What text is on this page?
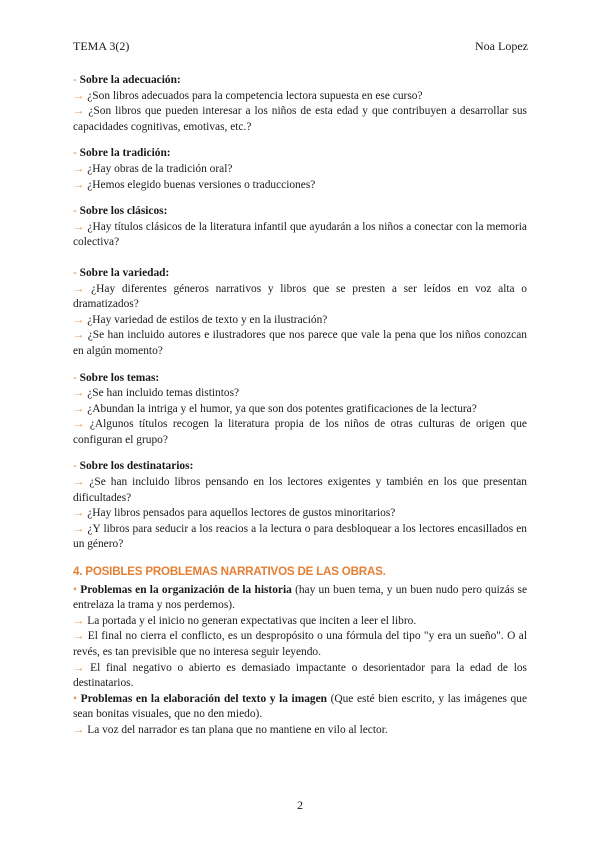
TEMA 3(2)	Noa Lopez
- Sobre la adecuación:
→ ¿Son libros adecuados para la competencia lectora supuesta en ese curso?
→ ¿Son libros que pueden interesar a los niños de esta edad y que contribuyen a desarrollar sus capacidades cognitivas, emotivas, etc.?
- Sobre la tradición:
→ ¿Hay obras de la tradición oral?
→ ¿Hemos elegido buenas versiones o traducciones?
- Sobre los clásicos:
→ ¿Hay títulos clásicos de la literatura infantil que ayudarán a los niños a conectar con la memoria colectiva?
- Sobre la variedad:
→ ¿Hay diferentes géneros narrativos y libros que se presten a ser leídos en voz alta o dramatizados?
→ ¿Hay variedad de estilos de texto y en la ilustración?
→ ¿Se han incluido autores e ilustradores que nos parece que vale la pena que los niños conozcan en algún momento?
- Sobre los temas:
→ ¿Se han incluido temas distintos?
→ ¿Abundan la intriga y el humor, ya que son dos potentes gratificaciones de la lectura?
→ ¿Algunos títulos recogen la literatura propia de los niños de otras culturas de origen que configuran el grupo?
- Sobre los destinatarios:
→ ¿Se han incluido libros pensando en los lectores exigentes y también en los que presentan dificultades?
→ ¿Hay libros pensados para aquellos lectores de gustos minoritarios?
→ ¿Y libros para seducir a los reacios a la lectura o para desbloquear a los lectores encasillados en un género?
4. POSIBLES PROBLEMAS NARRATIVOS DE LAS OBRAS.
• Problemas en la organización de la historia (hay un buen tema, y un buen nudo pero quizás se entrelaza la trama y nos perdemos).
→ La portada y el inicio no generan expectativas que inciten a leer el libro.
→ El final no cierra el conflicto, es un despropósito o una fórmula del tipo "y era un sueño". O al revés, es tan previsible que no interesa seguir leyendo.
→ El final negativo o abierto es demasiado impactante o desorientador para la edad de los destinatarios.
• Problemas en la elaboración del texto y la imagen (Que esté bien escrito, y las imágenes que sean bonitas visuales, que no den miedo).
→ La voz del narrador es tan plana que no mantiene en vilo al lector.
2
